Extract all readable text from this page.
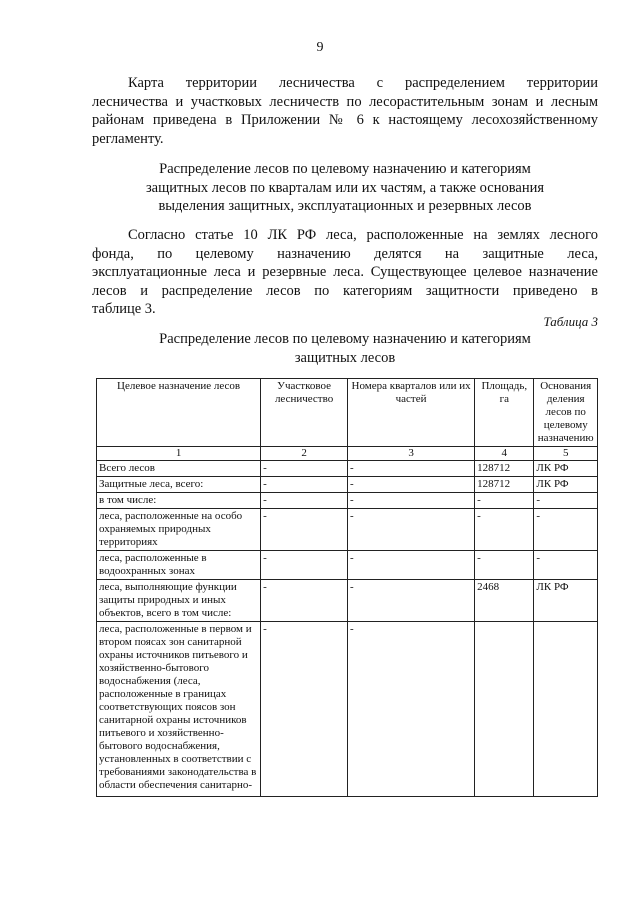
9

Карта территории лесничества с распределением территории
лесничества и участковых лесничеств по лесорастительным зонам и лесным
районам приведена в Приложении № 6 к настоящему лесохозяйственному
регламенту.

Распределение лесов по целевому назначению и категориям
защитных лесов по кварталам или их частям, а также основания
выделения защитных, эксплуатационных и резервных лесов

Согласно статье 10 ЛК РФ леса, расположенные на землях лесного
фонда, по целевому назначению делятся на защитные леса,
эксплуатационные леса и резервные леса. Существующее целевое назначение
лесов и распределение лесов по категориям защитности приведено в
таблице 3.

Таблица 3
Распределение лесов по целевому назначению и категориям
защитных лесов
Целевое назначение лесов	Участковое лесничество	Номера кварталов или их частей	Площадь, га	Основания деления лесов по целевому назначению
1	2	3	4	5
Всего лесов	-	-	128712	ЛК РФ
Защитные леса, всего:	-	-	128712	ЛК РФ
в том числе:	-	-	-	-
леса, расположенные на особо охраняемых природных территориях	-	-	-	-
леса, расположенные в водоохранных зонах	-	-	-	-
леса, выполняющие функции защиты природных и иных объектов, всего в том числе:	-	-	2468	ЛК РФ
леса, расположенные в первом и втором поясах зон санитарной охраны источников питьевого и хозяйственно-бытового водоснабжения (леса, расположенные в границах соответствующих поясов зон санитарной охраны источников питьевого и хозяйственно-бытового водоснабжения, установленных в соответствии с требованиями законодательства в области обеспечения санитарно-	-	-		
